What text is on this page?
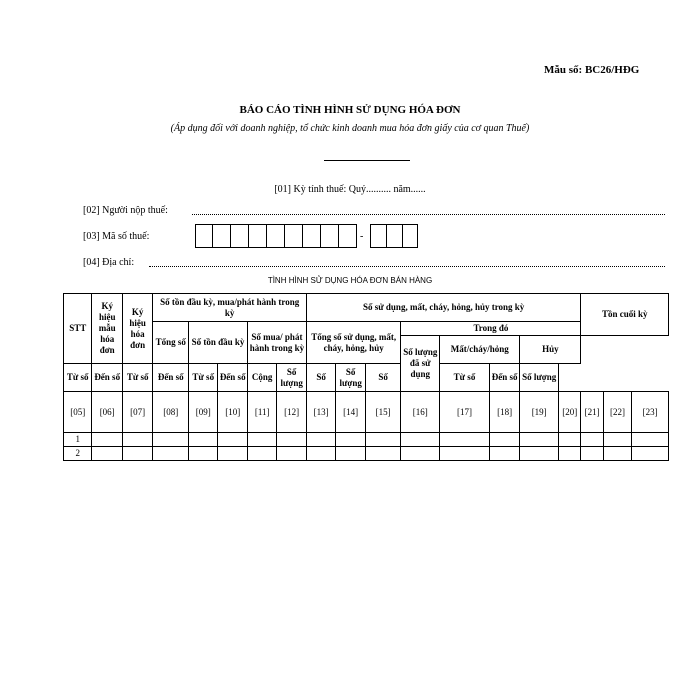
Mẫu số: BC26/HĐG
BÁO CÁO TÌNH HÌNH SỬ DỤNG HÓA ĐƠN
(Áp dụng đối với doanh nghiệp, tổ chức kinh doanh mua hóa đơn giấy của cơ quan Thuế)
[01] Kỳ tính thuế: Quý.......... năm......
[02] Người nộp thuế:
[03] Mã số thuế:	-
[04] Địa chỉ:
TÌNH HÌNH SỬ DỤNG HÓA ĐƠN BÁN HÀNG
STT	Ký hiệu mẫu hóa đơn	Ký hiệu hóa đơn	Số tồn đầu kỳ, mua/phát hành trong kỳ					Số sử dụng, mất, cháy, hỏng, hủy trong kỳ								Tồn cuối kỳ		
			Tổng số	Số tồn đầu kỳ		Số mua/ phát hành trong kỳ		Tổng số sử dụng, mất, cháy, hỏng, hủy			Trong đó							
											Số lượng đã sử dụng	Mất/cháy/hỏng		Hủy				
Từ số	Đến số	Từ số	Đến số	Từ số	Đến số	Cộng	Số lượng	Số	Số lượng	Số		Từ số	Đến số	Số lượng				
[05]	[06]	[07]	[08]	[09]	[10]	[11]	[12]	[13]	[14]	[15]	[16]	[17]	[18]	[19]	[20]	[21]	[22]	[23]
1																		
2																		
